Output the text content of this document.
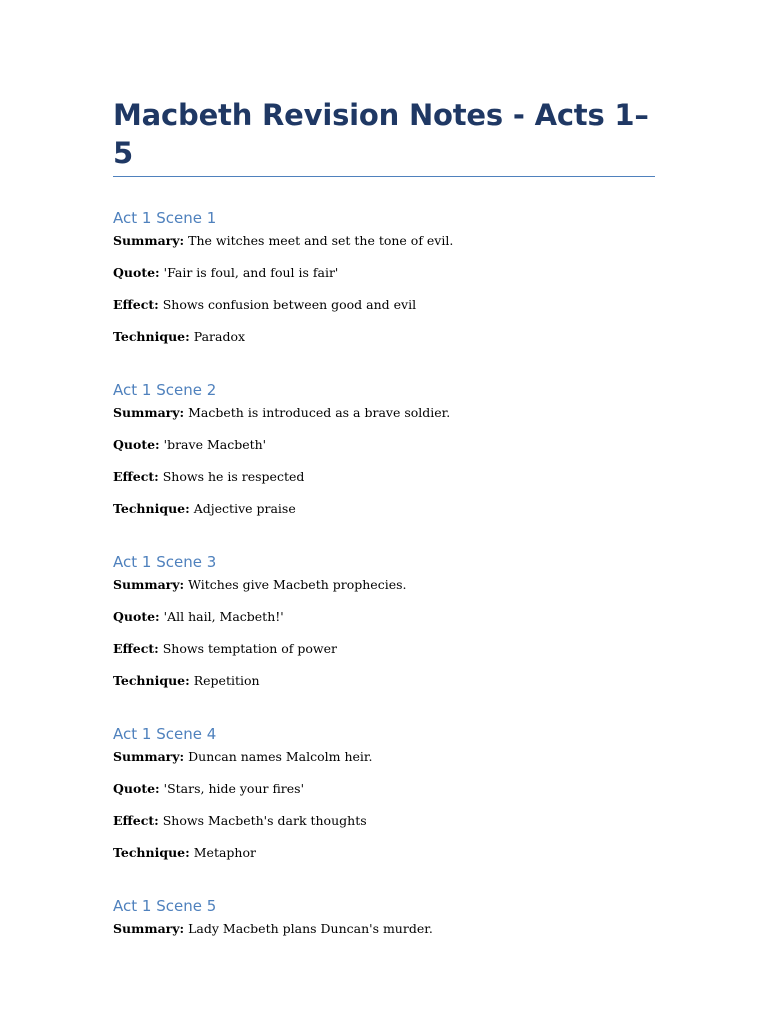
Macbeth Revision Notes - Acts 1–5
Act 1 Scene 1

Summary: The witches meet and set the tone of evil.

Quote: 'Fair is foul, and foul is fair'

Effect: Shows confusion between good and evil

Technique: Paradox

Act 1 Scene 2

Summary: Macbeth is introduced as a brave soldier.

Quote: 'brave Macbeth'

Effect: Shows he is respected

Technique: Adjective praise

Act 1 Scene 3

Summary: Witches give Macbeth prophecies.

Quote: 'All hail, Macbeth!'

Effect: Shows temptation of power

Technique: Repetition

Act 1 Scene 4

Summary: Duncan names Malcolm heir.

Quote: 'Stars, hide your fires'

Effect: Shows Macbeth's dark thoughts

Technique: Metaphor

Act 1 Scene 5

Summary: Lady Macbeth plans Duncan's murder.
